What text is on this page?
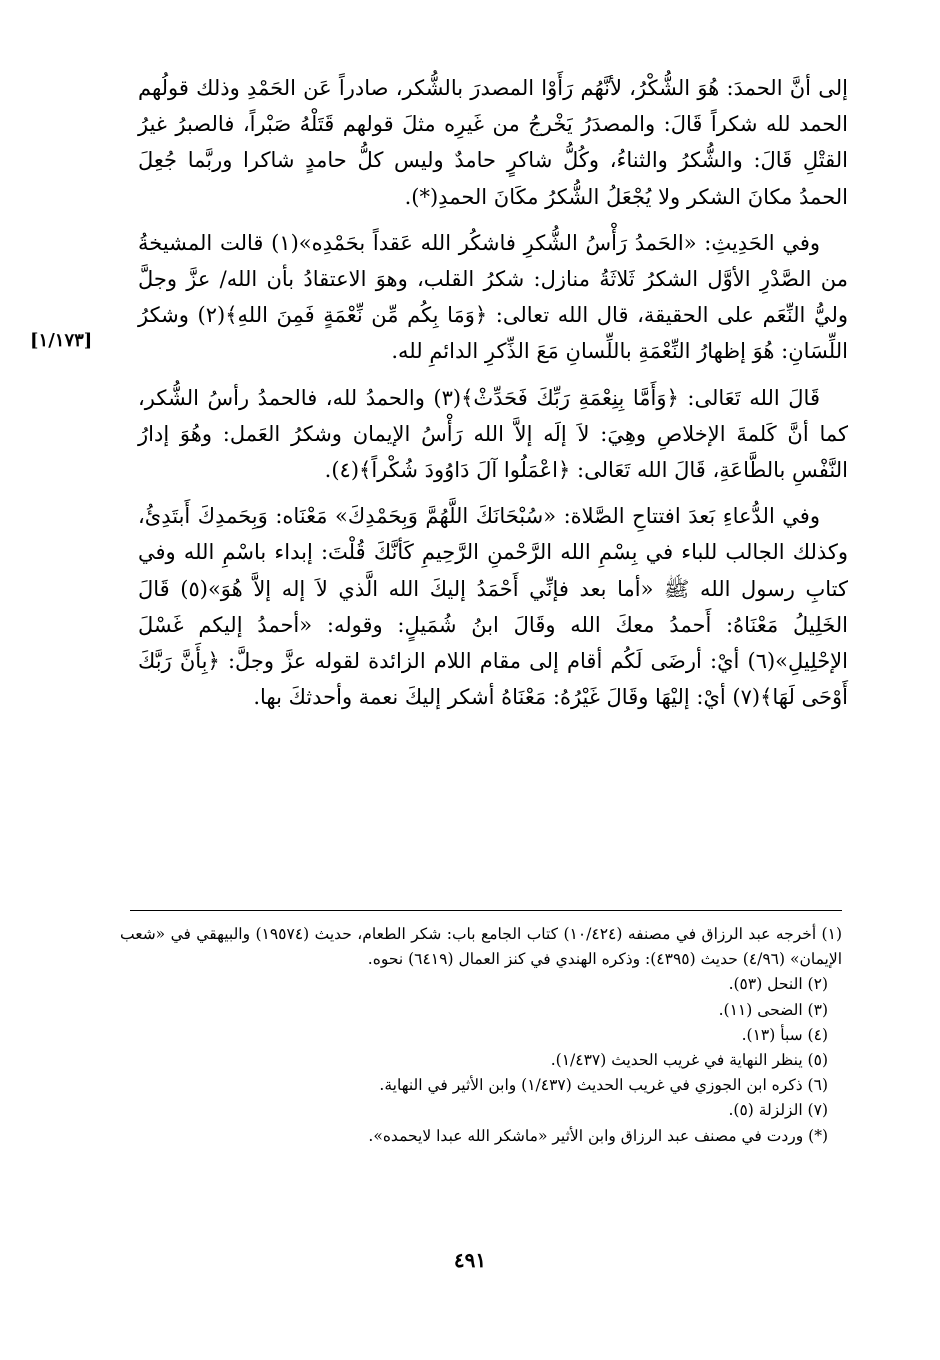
[١/١٧٣]

إلى أنَّ الحمدَ: هُوَ الشُّكْرُ، لأنَّهُم رَأَوْا المصدرَ بالشُّكر، صادراً عَن الحَمْدِ وذلك قولُهم الحمد لله شكراً قَالَ: والمصدَرُ يَخْرجُ من غَيرِه مثلَ قولهم قَتَلْهُ صَبْراً، فالصبرُ غيرُ القتْلِ قَالَ: والشُّكرُ والثناءُ، وكُلُّ شاكرٍ حامدٌ وليس كلُّ حامدٍ شاكرا وربَّما جُعِلَ الحمدُ مكانَ الشكر ولا يُجْعَلُ الشُّكرُ مكَانَ الحمدِ(*).

وفي الحَدِيثِ: «الحَمدُ رَأْسُ الشُّكرِ فاشكُر الله عَقداً بحَمْدِه»(١) قالت المشيخةُ من الصَّدْرِ الأوَّل الشكرُ ثَلاثَةُ منازل: شكرُ القلب، وهوَ الاعتقادُ بأن الله/ عزَّ وجلَّ وليُّ النِّعَم على الحقيقة، قال الله تعالى: ﴿وَمَا بِكُم مِّن نِّعْمَةٍ فَمِنَ اللهِ﴾(٢) وشكرُ اللِّسَانِ: هُوَ إظهارُ النِّعْمَةِ باللِّسانِ مَعَ الذِّكرِ الدائمِ لله.

قَالَ الله تَعَالى: ﴿وَأَمَّا بِنِعْمَةِ رَبِّكَ فَحَدِّثْ﴾(٣) والحمدُ لله، فالحمدُ رأسُ الشُّكر، كما أنَّ كَلمةَ الإخلاصِ وهِيَ: لاَ إلَه إلاَّ الله رَأْسُ الإيمان وشكرُ العَمل: وهُوَ إدارُ النَّفْسِ بالطَّاعَةِ، قَالَ الله تَعَالى: ﴿اعْمَلُوا آلَ دَاوُودَ شُكْراً﴾(٤).

وفي الدُّعاءِ بَعدَ افتتاحِ الصَّلاة: «سُبْحَانَكَ اللَّهُمَّ وَبِحَمْدِكَ» مَعْنَاه: وَبِحَمدِكَ أَبتَدِئُ، وكذلك الجالب للباء في بِسْمِ الله الرَّحْمنِ الرَّحِيمِ كَأنَّكَ قُلْتَ: إبداء باسْمِ الله وفي كتابِ رسول الله ﷺ «أما بعد فإنِّي أَحْمَدُ إليكَ الله الَّذي لاَ إله إلاَّ هُوَ»(٥) قَالَ الخَلِيلُ مَعْنَاهُ: أَحمدُ معكَ الله وقَالَ ابنُ شُمَيلٍ: وقوله: «أحمدُ إليكم غَسْلَ الإحْلِيلِ»(٦) أيْ: أرضَى لَكُم أقام إلى مقام اللام الزائدة لقوله عزَّ وجلَّ: ﴿بِأَنَّ رَبَّكَ أَوْحَى لَهَا﴾(٧) أيْ: إليْهَا وقَالَ غَيْرُهُ: مَعْنَاهُ أشكر إليكَ نعمة وأحدثكَ بها.

(١) أخرجه عبد الرزاق في مصنفه (١٠/٤٢٤) كتاب الجامع باب: شكر الطعام، حديث (١٩٥٧٤) والبيهقي في «شعب الإيمان» (٤/٩٦) حديث (٤٣٩٥): وذكره الهندي في كنز العمال (٦٤١٩) نحوه.

(٢) النحل (٥٣).

(٣) الضحى (١١).

(٤) سبأ (١٣).

(٥) ينظر النهاية في غريب الحديث (١/٤٣٧).

(٦) ذكره ابن الجوزي في غريب الحديث (١/٤٣٧) وابن الأثير في النهاية.

(٧) الزلزلة (٥).

(*) وردت في مصنف عبد الرزاق وابن الأثير «ماشكر الله عبدا لايحمده».

٤٩١
